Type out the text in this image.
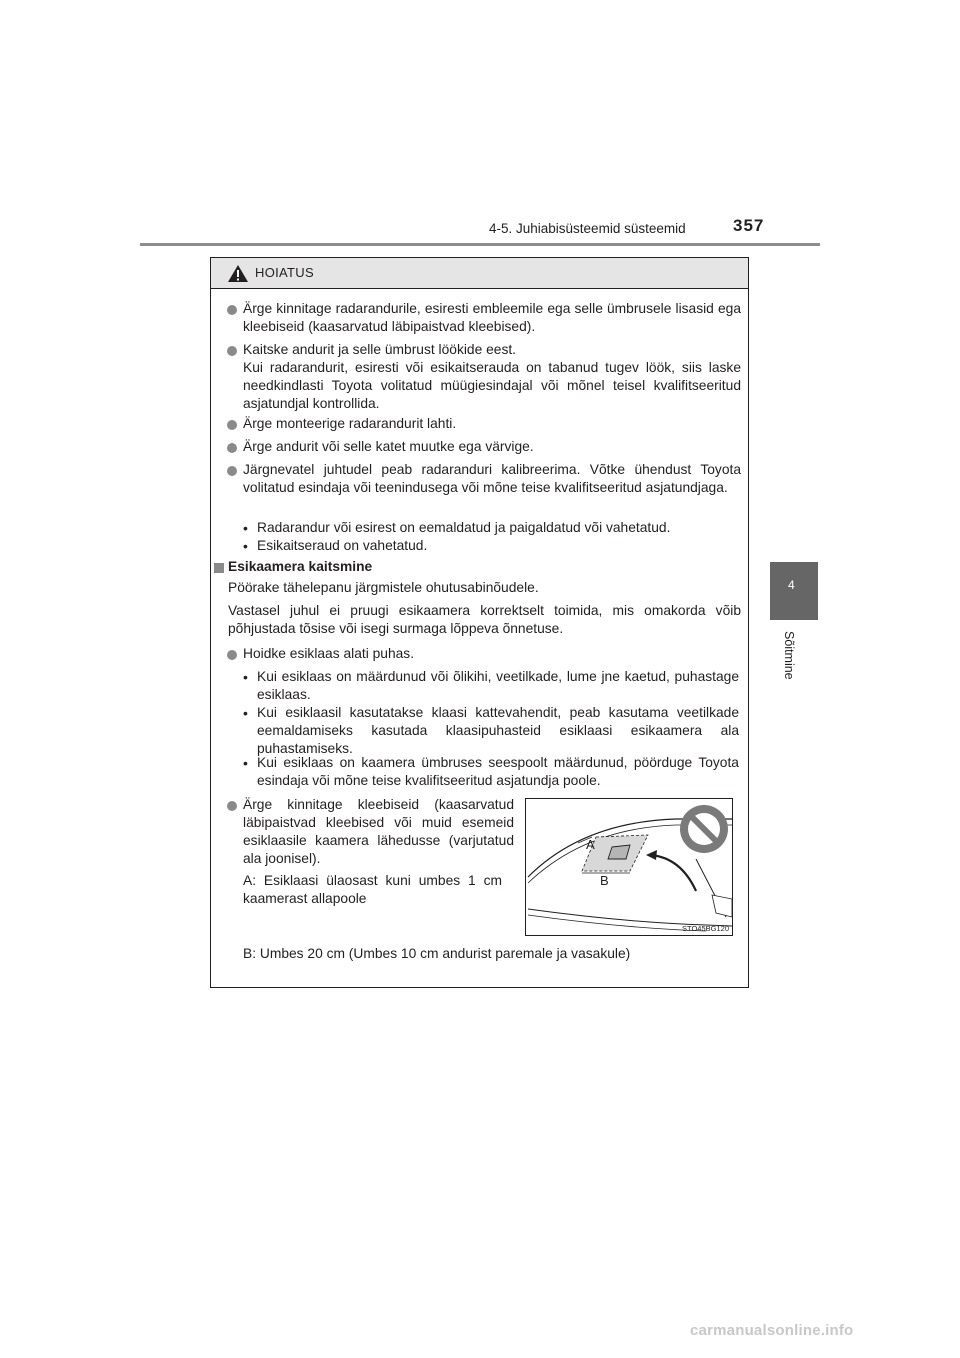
4-5. Juhiabisüsteemid süsteemid	357
4
Sõitmine
HOIATUS
Ärge kinnitage radarandurile, esiresti embleemile ega selle ümbrusele lisasid ega kleebiseid (kaasarvatud läbipaistvad kleebised).
Kaitske andurit ja selle ümbrust löökide eest.
Kui radarandurit, esiresti või esikaitserauda on tabanud tugev löök, siis laske needkindlasti Toyota volitatud müügiesindajal või mõnel teisel kvalifitseeritud asjatundjal kontrollida.
Ärge monteerige radarandurit lahti.
Ärge andurit või selle katet muutke ega värvige.
Järgnevatel juhtudel peab radaranduri kalibreerima. Võtke ühendust Toyota volitatud esindaja või teenindusega või mõne teise kvalifitseeritud asjatundjaga.
• Radarandur või esirest on eemaldatud ja paigaldatud või vahetatud.
• Esikaitseraud on vahetatud.
Esikaamera kaitsmine
Pöörake tähelepanu järgmistele ohutusabinõudele.
Vastasel juhul ei pruugi esikaamera korrektselt toimida, mis omakorda võib põhjustada tõsise või isegi surmaga lõppeva õnnetuse.
Hoidke esiklaas alati puhas.
• Kui esiklaas on määrdunud või õlikihi, veetilkade, lume jne kaetud, puhastage esiklaas.
• Kui esiklaasil kasutatakse klaasi kattevahendit, peab kasutama veetilkade eemaldamiseks kasutada klaasipuhasteid esiklaasi esikaamera ala puhastamiseks.
• Kui esiklaas on kaamera ümbruses seespoolt määrdunud, pöörduge Toyota esindaja või mõne teise kvalifitseeritud asjatundja poole.
Ärge kinnitage kleebiseid (kaasarvatud läbipaistvad kleebised või muid esemeid esiklaasile kaamera lähedusse (varjutatud ala joonisel).
A: Esiklaasi ülaosast kuni umbes 1 cm kaamerast allapoole
B: Umbes 20 cm (Umbes 10 cm andurist paremale ja vasakule)
A
B
STO45BG120
carmanualsonline.info
